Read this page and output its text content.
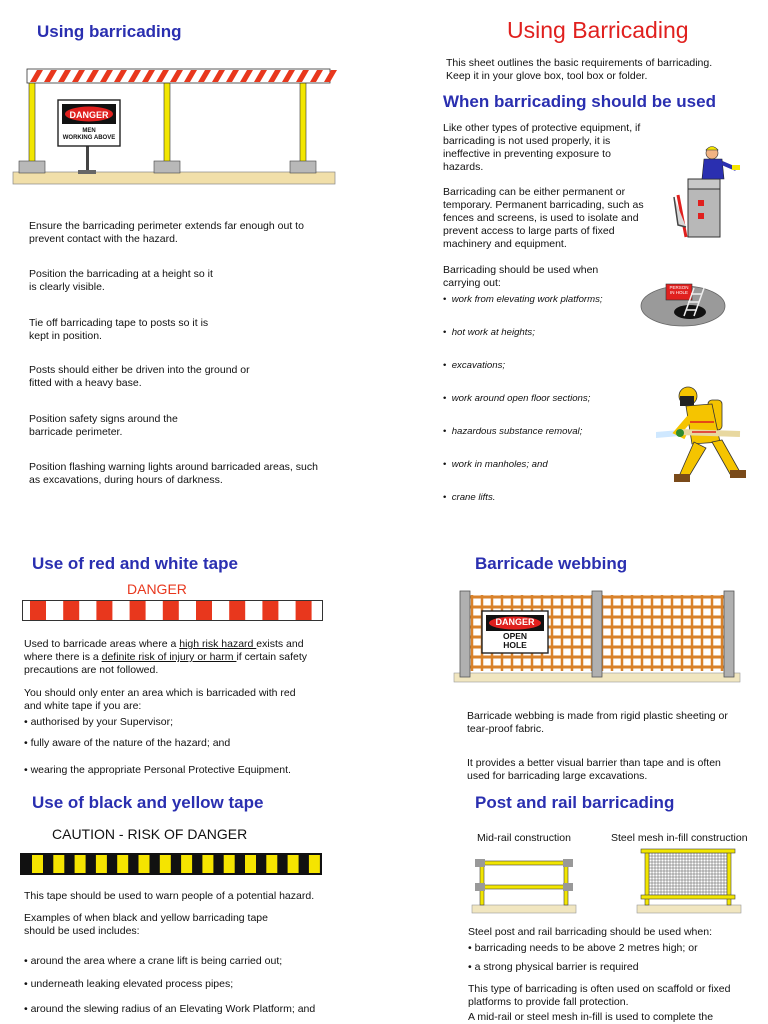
Using barricading
DANGER
MEN
WORKING ABOVE
Ensure the barricading perimeter extends far enough out to prevent contact with the hazard.
Position the barricading at a height so it is clearly visible.
Tie off barricading tape to posts so it is kept in position.
Posts should either be driven into the ground or fitted with a heavy base.
Position safety signs around the barricade perimeter.
Position flashing warning lights around barricaded areas, such as excavations, during hours of darkness.
Use of red and white tape
DANGER
Used to barricade areas where a high risk hazard exists and where there is a definite risk of injury or harm if certain safety precautions are not followed.
You should only enter an area which is barricaded with red and white tape if you are:
• authorised by your Supervisor;
• fully aware of the nature of the hazard; and
• wearing the appropriate Personal Protective Equipment.
Use of black and yellow tape
CAUTION - RISK OF DANGER
This tape should be used to warn people of a potential hazard.
Examples of when black and yellow barricading tape should be used includes:
• around the area where a crane lift is being carried out;
• underneath leaking elevated process pipes;
• around the slewing radius of an Elevating Work Platform; and
Using Barricading
This sheet outlines the basic requirements of barricading. Keep it in your glove box, tool box or folder.
When barricading should be used
Like other types of protective equipment, if barricading is not used properly, it is ineffective in preventing exposure to hazards.
Barricading can be either permanent or temporary. Permanent barricading, such as fences and screens, is used to isolate and prevent access to large parts of fixed machinery and equipment.
Barricading should be used when carrying out:
•  work from elevating work platforms;
•  hot work at heights;
•  excavations;
•  work around open floor sections;
•  hazardous substance removal;
•  work in manholes; and
•  crane lifts.
PERSON IN HOLE
Barricade webbing
DANGER
OPEN
HOLE
Barricade webbing is made from rigid plastic sheeting or tear-proof fabric.
It provides a better visual barrier than tape and is often used for barricading large excavations.
Post and rail barricading
Mid-rail construction	Steel mesh in-fill construction
Steel post and rail barricading should be used when:
• barricading needs to be above 2 metres high; or
• a strong physical barrier is required
This type of barricading is often used on scaffold or fixed platforms to provide fall protection.
A mid-rail or steel mesh in-fill is used to complete the
